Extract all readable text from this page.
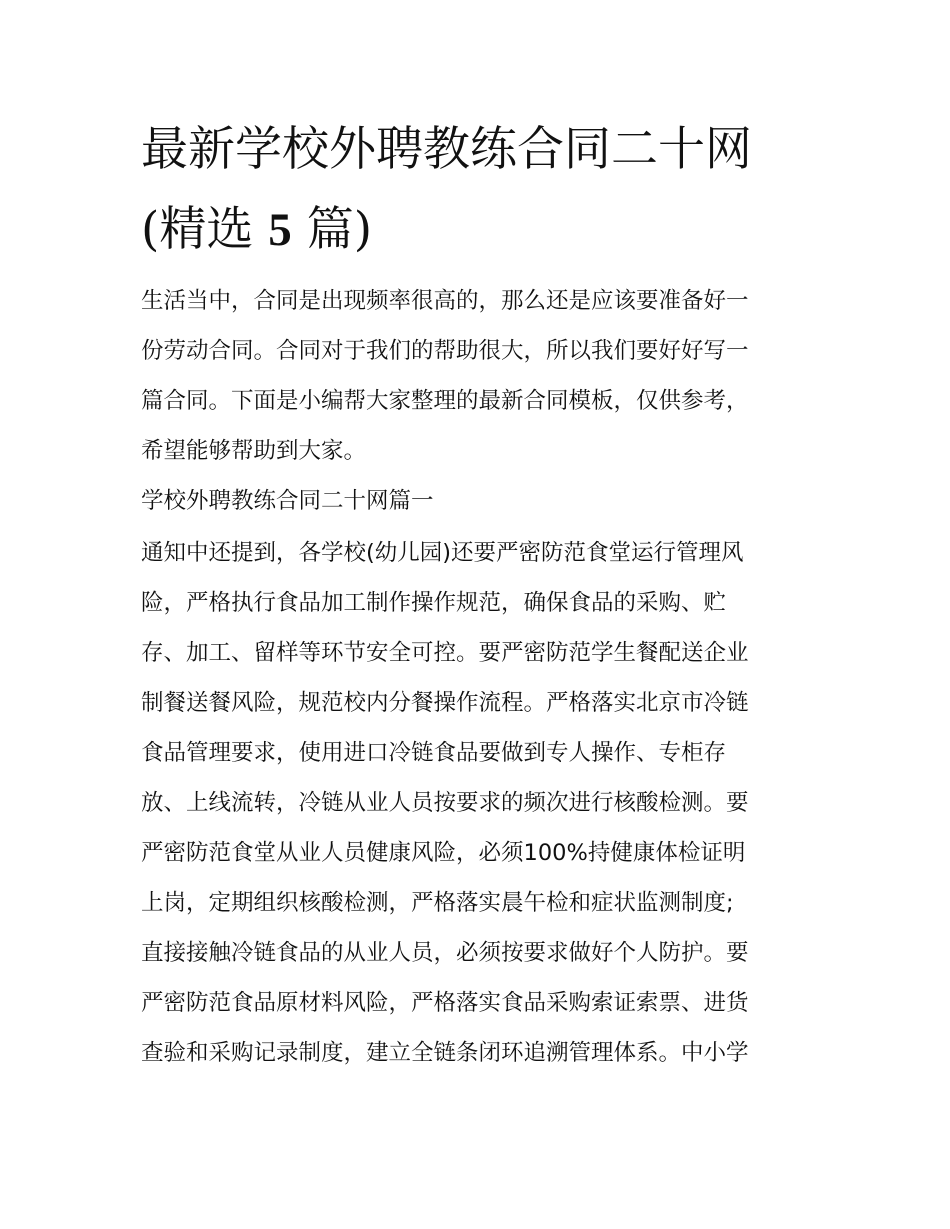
最新学校外聘教练合同二十网
(精选 5 篇)
生活当中，合同是出现频率很高的，那么还是应该要准备好一
份劳动合同。合同对于我们的帮助很大，所以我们要好好写一
篇合同。下面是小编帮大家整理的最新合同模板，仅供参考，
希望能够帮助到大家。
学校外聘教练合同二十网篇一
通知中还提到，各学校(幼儿园)还要严密防范食堂运行管理风
险，严格执行食品加工制作操作规范，确保食品的采购、贮
存、加工、留样等环节安全可控。要严密防范学生餐配送企业
制餐送餐风险，规范校内分餐操作流程。严格落实北京市冷链
食品管理要求，使用进口冷链食品要做到专人操作、专柜存
放、上线流转，冷链从业人员按要求的频次进行核酸检测。要
严密防范食堂从业人员健康风险，必须100%持健康体检证明
上岗，定期组织核酸检测，严格落实晨午检和症状监测制度;
直接接触冷链食品的从业人员，必须按要求做好个人防护。要
严密防范食品原材料风险，严格落实食品采购索证索票、进货
查验和采购记录制度，建立全链条闭环追溯管理体系。中小学
